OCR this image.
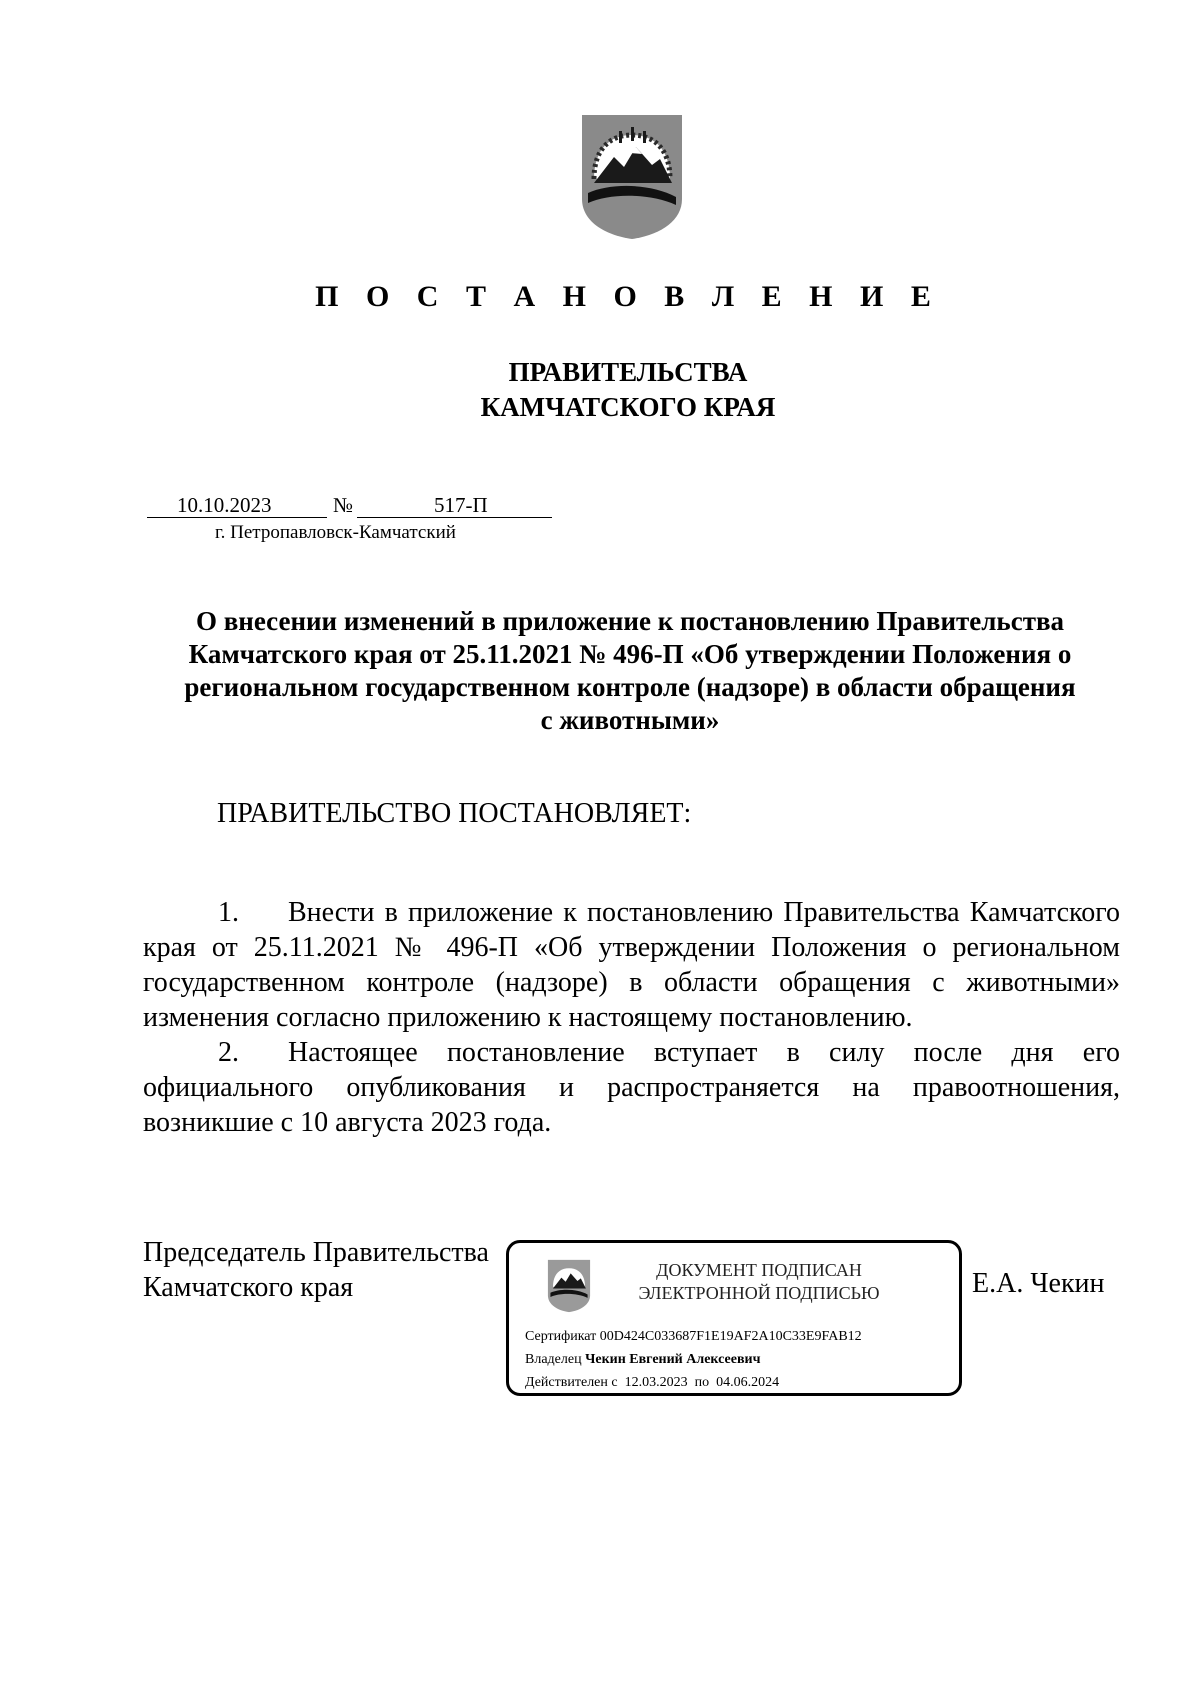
П О С Т А Н О В Л Е Н И Е
ПРАВИТЕЛЬСТВА
КАМЧАТСКОГО КРАЯ
10.10.2023	№	517-П
г. Петропавловск-Камчатский
О внесении изменений в приложение к постановлению Правительства
Камчатского края от 25.11.2021 № 496-П «Об утверждении Положения о
региональном государственном контроле (надзоре) в области обращения
с животными»
ПРАВИТЕЛЬСТВО ПОСТАНОВЛЯЕТ:

1. Внести в приложение к постановлению Правительства Камчатского края от 25.11.2021 № 496-П «Об утверждении Положения о региональном государственном контроле (надзоре) в области обращения с животными» изменения согласно приложению к настоящему постановлению.

2. Настоящее постановление вступает в силу после дня его официального опубликования и распространяется на правоотношения, возникшие с 10 августа 2023 года.

Председатель Правительства
Камчатского края	Е.А. Чекин
ДОКУМЕНТ ПОДПИСАН
ЭЛЕКТРОННОЙ ПОДПИСЬЮ
Сертификат 00D424C033687F1E19AF2A10C33E9FAB12
Владелец Чекин Евгений Алексеевич
Действителен с 12.03.2023 по 04.06.2024
